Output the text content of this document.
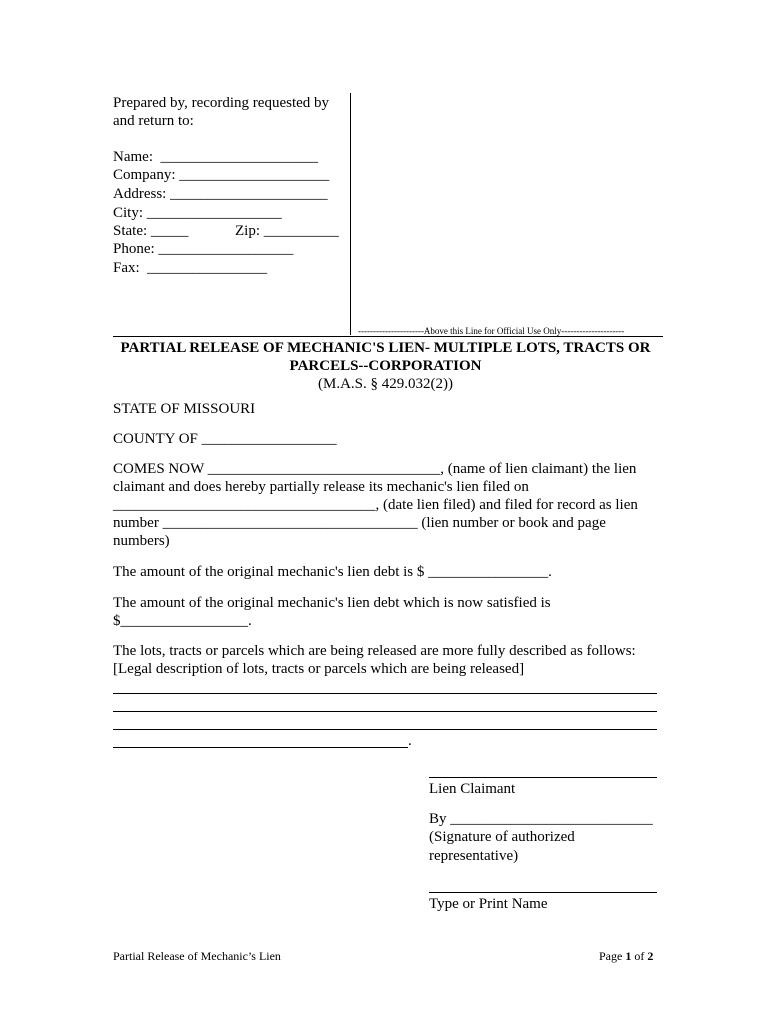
Prepared by, recording requested by
and return to:
Name:  _____________________
Company: ____________________
Address: _____________________
City: __________________
State: _____	Zip: __________
Phone: __________________
Fax:  ________________
----------------------Above this Line for Official Use Only---------------------
PARTIAL RELEASE OF MECHANIC'S LIEN- MULTIPLE LOTS, TRACTS OR
PARCELS--CORPORATION
(M.A.S. § 429.032(2))
STATE OF MISSOURI
COUNTY OF __________________
COMES NOW _______________________________, (name of lien claimant) the lien
claimant and does hereby partially release its mechanic's lien filed on
___________________________________, (date lien filed) and filed for record as lien
number __________________________________ (lien number or book and page
numbers)
The amount of the original mechanic's lien debt is $ ________________.
The amount of the original mechanic's lien debt which is now satisfied is
$_________________.
The lots, tracts or parcels which are being released are more fully described as follows:
[Legal description of lots, tracts or parcels which are being released]
.
Lien Claimant
By ___________________________
(Signature of authorized
representative)
Type or Print Name
Partial Release of Mechanic’s Lien	Page 1 of 2
